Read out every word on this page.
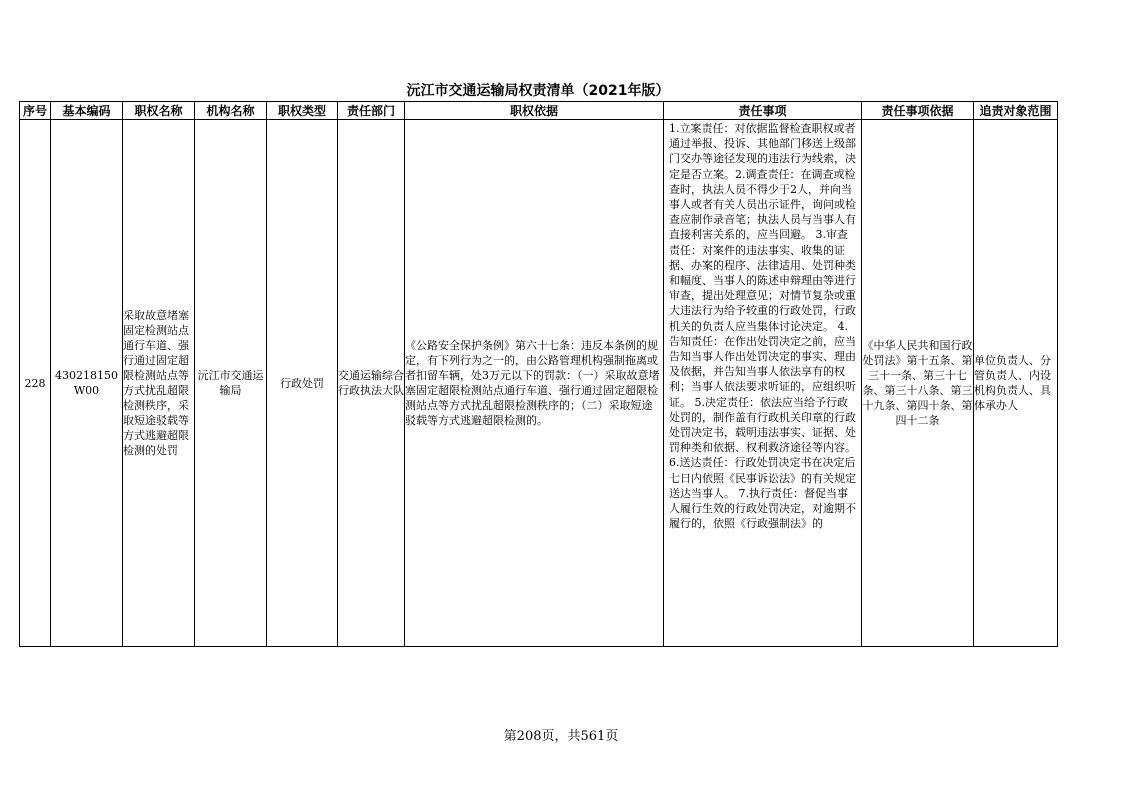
沅江市交通运输局权责清单（2021年版）
序号	基本编码	职权名称	机构名称	职权类型	责任部门	职权依据	责任事项	责任事项依据	追责对象范围
228	430218150W00	采取故意堵塞固定检测站点通行车道、强行通过固定超限检测站点等方式扰乱超限检测秩序，采取短途驳载等方式逃避超限检测的处罚	沅江市交通运输局	行政处罚	交通运输综合行政执法大队	《公路安全保护条例》第六十七条：违反本条例的规定，有下列行为之一的，由公路管理机构强制拖离或者扣留车辆，处3万元以下的罚款：（一）采取故意堵塞固定超限检测站点通行车道、强行通过固定超限检测站点等方式扰乱超限检测秩序的；（二）采取短途驳载等方式逃避超限检测的。	1.立案责任：对依据监督检查职权或者通过举报、投诉、其他部门移送上级部门交办等途径发现的违法行为线索，决定是否立案。2.调查责任：在调查或检查时，执法人员不得少于2人，并向当事人或者有关人员出示证件，询问或检查应制作录音笔；执法人员与当事人有直接利害关系的，应当回避。 3.审查责任：对案件的违法事实、收集的证据、办案的程序、法律适用、处罚种类和幅度、当事人的陈述申辩理由等进行审查，提出处理意见；对情节复杂或重大违法行为给予较重的行政处罚，行政机关的负责人应当集体讨论决定。 4.告知责任：在作出处罚决定之前，应当告知当事人作出处罚决定的事实、理由及依据，并告知当事人依法享有的权利；当事人依法要求听证的，应组织听证。 5.决定责任：依法应当给予行政处罚的，制作盖有行政机关印章的行政处罚决定书，载明违法事实、证据、处罚种类和依据、权利救济途径等内容。 6.送达责任：行政处罚决定书在决定后七日内依照《民事诉讼法》的有关规定送达当事人。 7.执行责任：督促当事人履行生效的行政处罚决定，对逾期不履行的，依照《行政强制法》的	《中华人民共和国行政处罚法》第十五条、第三十一条、第三十七条、第三十八条、第三十九条、第四十条、第四十二条	单位负责人、分管负责人、内设机构负责人、具体承办人
第208页，共561页
